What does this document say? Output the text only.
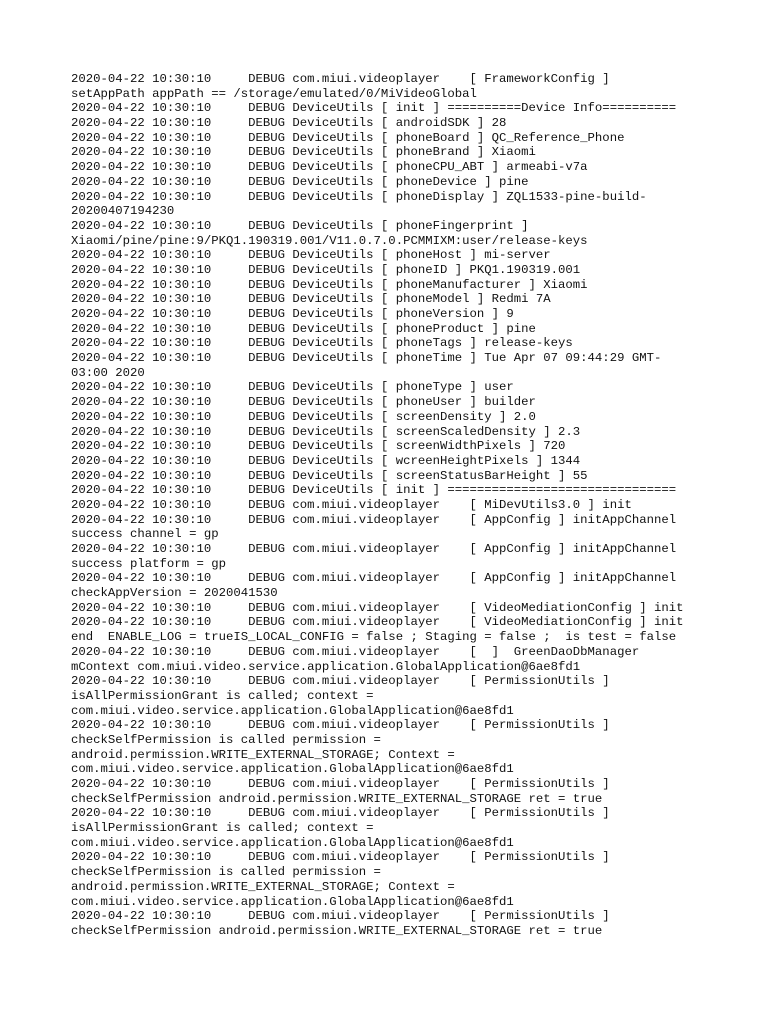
2020-04-22 10:30:10     DEBUG com.miui.videoplayer    [ FrameworkConfig ]
setAppPath appPath == /storage/emulated/0/MiVideoGlobal
2020-04-22 10:30:10     DEBUG DeviceUtils [ init ] ==========Device Info==========
2020-04-22 10:30:10     DEBUG DeviceUtils [ androidSDK ] 28
2020-04-22 10:30:10     DEBUG DeviceUtils [ phoneBoard ] QC_Reference_Phone
2020-04-22 10:30:10     DEBUG DeviceUtils [ phoneBrand ] Xiaomi
2020-04-22 10:30:10     DEBUG DeviceUtils [ phoneCPU_ABT ] armeabi-v7a
2020-04-22 10:30:10     DEBUG DeviceUtils [ phoneDevice ] pine
2020-04-22 10:30:10     DEBUG DeviceUtils [ phoneDisplay ] ZQL1533-pine-build-
20200407194230
2020-04-22 10:30:10     DEBUG DeviceUtils [ phoneFingerprint ]
Xiaomi/pine/pine:9/PKQ1.190319.001/V11.0.7.0.PCMMIXM:user/release-keys
2020-04-22 10:30:10     DEBUG DeviceUtils [ phoneHost ] mi-server
2020-04-22 10:30:10     DEBUG DeviceUtils [ phoneID ] PKQ1.190319.001
2020-04-22 10:30:10     DEBUG DeviceUtils [ phoneManufacturer ] Xiaomi
2020-04-22 10:30:10     DEBUG DeviceUtils [ phoneModel ] Redmi 7A
2020-04-22 10:30:10     DEBUG DeviceUtils [ phoneVersion ] 9
2020-04-22 10:30:10     DEBUG DeviceUtils [ phoneProduct ] pine
2020-04-22 10:30:10     DEBUG DeviceUtils [ phoneTags ] release-keys
2020-04-22 10:30:10     DEBUG DeviceUtils [ phoneTime ] Tue Apr 07 09:44:29 GMT-
03:00 2020
2020-04-22 10:30:10     DEBUG DeviceUtils [ phoneType ] user
2020-04-22 10:30:10     DEBUG DeviceUtils [ phoneUser ] builder
2020-04-22 10:30:10     DEBUG DeviceUtils [ screenDensity ] 2.0
2020-04-22 10:30:10     DEBUG DeviceUtils [ screenScaledDensity ] 2.3
2020-04-22 10:30:10     DEBUG DeviceUtils [ screenWidthPixels ] 720
2020-04-22 10:30:10     DEBUG DeviceUtils [ wcreenHeightPixels ] 1344
2020-04-22 10:30:10     DEBUG DeviceUtils [ screenStatusBarHeight ] 55
2020-04-22 10:30:10     DEBUG DeviceUtils [ init ] ===============================
2020-04-22 10:30:10     DEBUG com.miui.videoplayer    [ MiDevUtils3.0 ] init
2020-04-22 10:30:10     DEBUG com.miui.videoplayer    [ AppConfig ] initAppChannel
success channel = gp
2020-04-22 10:30:10     DEBUG com.miui.videoplayer    [ AppConfig ] initAppChannel
success platform = gp
2020-04-22 10:30:10     DEBUG com.miui.videoplayer    [ AppConfig ] initAppChannel
checkAppVersion = 2020041530
2020-04-22 10:30:10     DEBUG com.miui.videoplayer    [ VideoMediationConfig ] init
2020-04-22 10:30:10     DEBUG com.miui.videoplayer    [ VideoMediationConfig ] init
end  ENABLE_LOG = trueIS_LOCAL_CONFIG = false ; Staging = false ;  is test = false
2020-04-22 10:30:10     DEBUG com.miui.videoplayer    [  ]  GreenDaoDbManager
mContext com.miui.video.service.application.GlobalApplication@6ae8fd1
2020-04-22 10:30:10     DEBUG com.miui.videoplayer    [ PermissionUtils ]
isAllPermissionGrant is called; context =
com.miui.video.service.application.GlobalApplication@6ae8fd1
2020-04-22 10:30:10     DEBUG com.miui.videoplayer    [ PermissionUtils ]
checkSelfPermission is called permission =
android.permission.WRITE_EXTERNAL_STORAGE; Context =
com.miui.video.service.application.GlobalApplication@6ae8fd1
2020-04-22 10:30:10     DEBUG com.miui.videoplayer    [ PermissionUtils ]
checkSelfPermission android.permission.WRITE_EXTERNAL_STORAGE ret = true
2020-04-22 10:30:10     DEBUG com.miui.videoplayer    [ PermissionUtils ]
isAllPermissionGrant is called; context =
com.miui.video.service.application.GlobalApplication@6ae8fd1
2020-04-22 10:30:10     DEBUG com.miui.videoplayer    [ PermissionUtils ]
checkSelfPermission is called permission =
android.permission.WRITE_EXTERNAL_STORAGE; Context =
com.miui.video.service.application.GlobalApplication@6ae8fd1
2020-04-22 10:30:10     DEBUG com.miui.videoplayer    [ PermissionUtils ]
checkSelfPermission android.permission.WRITE_EXTERNAL_STORAGE ret = true
